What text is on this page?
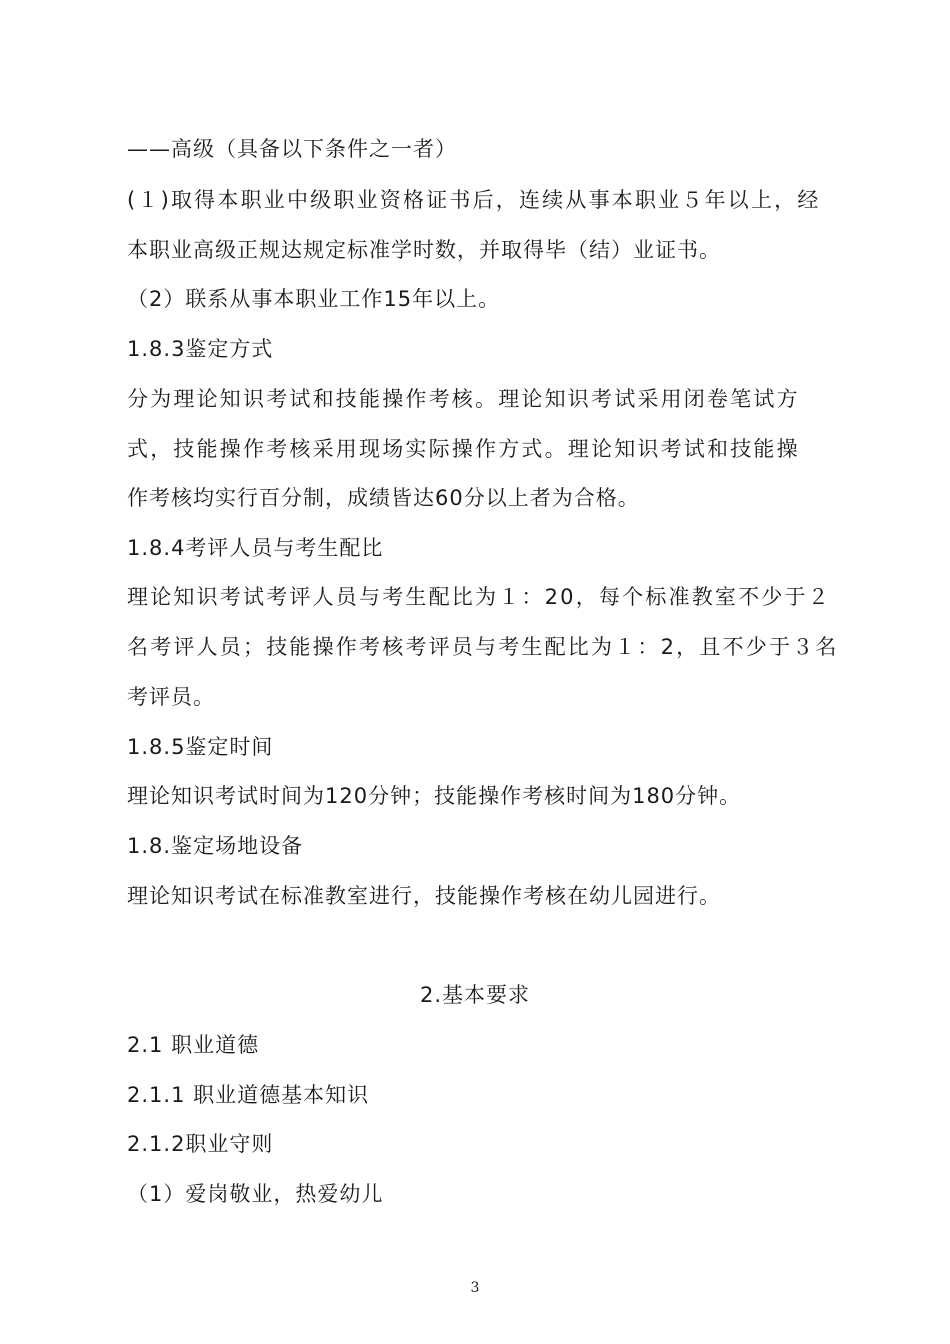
——高级（具备以下条件之一者）
(１)取得本职业中级职业资格证书后，连续从事本职业５年以上，经
本职业高级正规达规定标准学时数，并取得毕（结）业证书。
（2）联系从事本职业工作15年以上。
1.8.3鉴定方式
分为理论知识考试和技能操作考核。理论知识考试采用闭卷笔试方
式，技能操作考核采用现场实际操作方式。理论知识考试和技能操
作考核均实行百分制，成绩皆达60分以上者为合格。
1.8.4考评人员与考生配比
理论知识考试考评人员与考生配比为１：20，每个标准教室不少于２
名考评人员；技能操作考核考评员与考生配比为１：2，且不少于３名
考评员。
1.8.5鉴定时间
理论知识考试时间为120分钟；技能操作考核时间为180分钟。
1.8.鉴定场地设备
理论知识考试在标准教室进行，技能操作考核在幼儿园进行。
2.基本要求
2.1 职业道德
2.1.1 职业道德基本知识
2.1.2职业守则
（1）爱岗敬业，热爱幼儿
3
